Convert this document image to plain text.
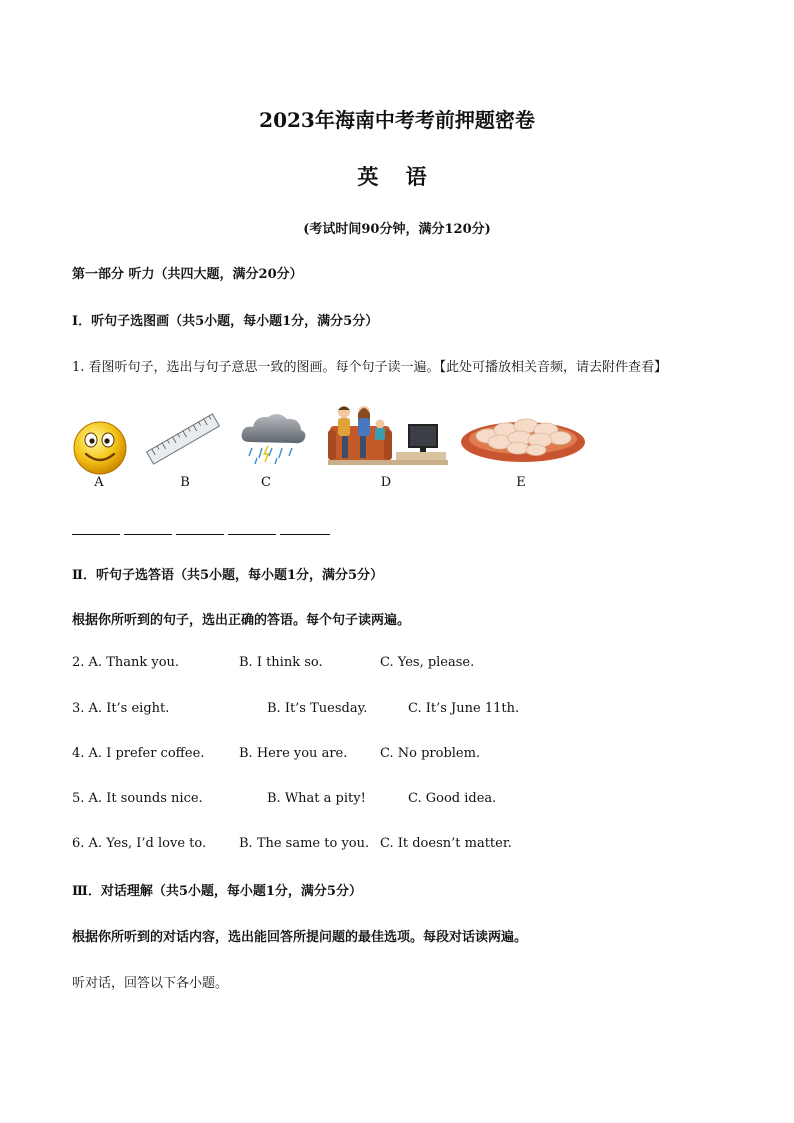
2023年海南中考考前押题密卷
英 语
(考试时间90分钟，满分120分)
第一部分 听力（共四大题，满分20分）
Ⅰ．听句子选图画（共5小题，每小题1分，满分5分）
1. 看图听句子，选出与句子意思一致的图画。每个句子读一遍。【此处可播放相关音频，请去附件查看】
A	B	C	D	E
Ⅱ．听句子选答语（共5小题，每小题1分，满分5分）
根据你所听到的句子，选出正确的答语。每个句子读两遍。
2. A. Thank you.	B. I think so.	C. Yes, please.
3. A. It’s eight.	B. It’s Tuesday.	C. It’s June 11th.
4. A. I prefer coffee.	B. Here you are.	C. No problem.
5. A. It sounds nice.	B. What a pity!	C. Good idea.
6. A. Yes, I’d love to.	B. The same to you. C. It doesn’t matter.
Ⅲ．对话理解（共5小题，每小题1分，满分5分）
根据你所听到的对话内容，选出能回答所提问题的最佳选项。每段对话读两遍。
听对话，回答以下各小题。
